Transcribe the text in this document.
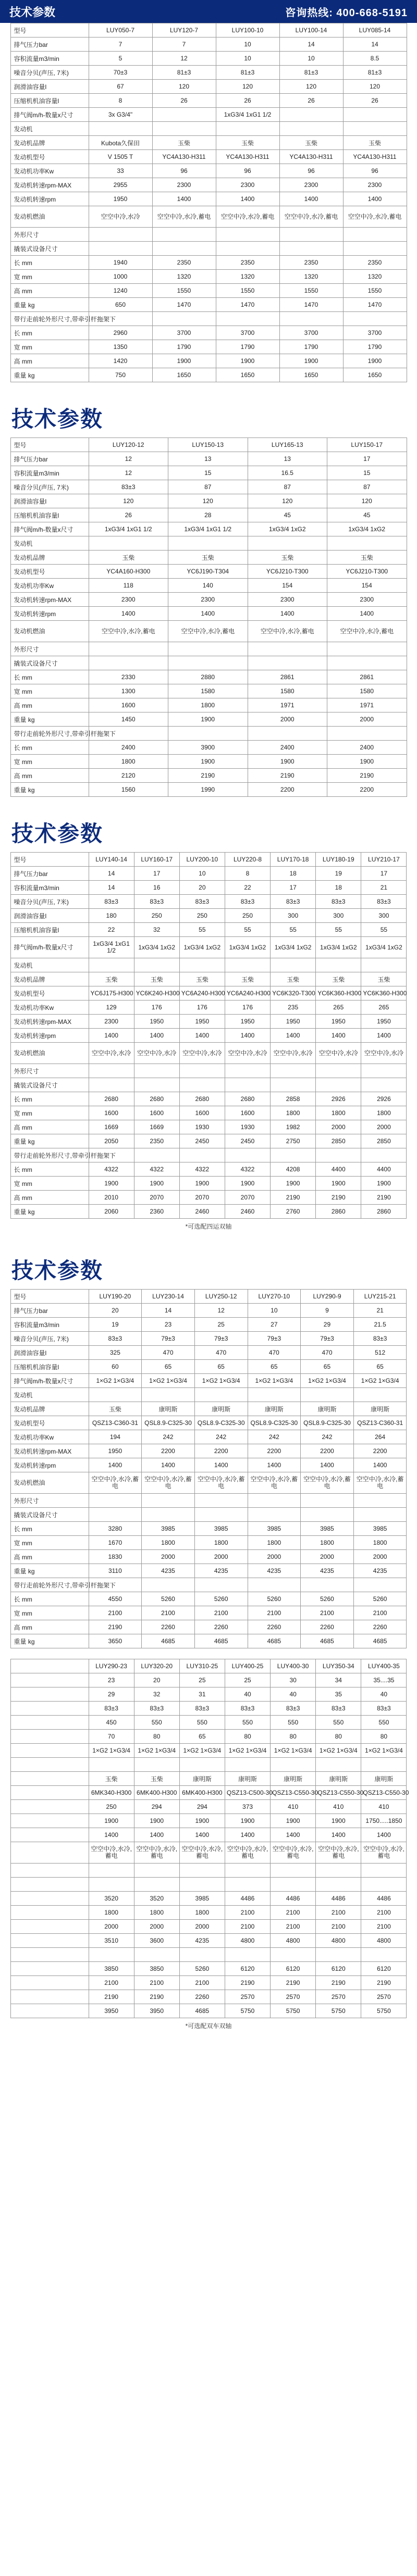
技术参数	咨询热线: 400-668-5191
型号	LUY050-7	LUY120-7	LUY100-10	LUY100-14	LUY085-14
排气压力bar	7	7	10	14	14
容积流量m3/min	5	12	10	10	8.5
噪音分贝(声压, 7米)	70±3	81±3	81±3	81±3	81±3
润滑油容量l	67	120	120	120	120
压缩机机油容量l	8	26	26	26	26
排气阀m/h-数量x尺寸	3x G3/4"		1xG3/4 1xG1 1/2		
发动机					
发动机品牌	Kubota久保田	玉柴	玉柴	玉柴	玉柴
发动机型号	V 1505 T	YC4A130-H311	YC4A130-H311	YC4A130-H311	YC4A130-H311
发动机功率Kw	33	96	96	96	96
发动机转速rpm-MAX	2955	2300	2300	2300	2300
发动机转速rpm	1950	1400	1400	1400	1400
发动机燃油	空空中冷,水冷	空空中冷,水冷,蓄电	空空中冷,水冷,蓄电	空空中冷,水冷,蓄电	空空中冷,水冷,蓄电
外形尺寸					
撬装式设备尺寸					
长 mm	1940	2350	2350	2350	2350
宽 mm	1000	1320	1320	1320	1320
高 mm	1240	1550	1550	1550	1550
重量 kg	650	1470	1470	1470	1470
带行走前轮外形尺寸,带牵引杆拖架下					
长 mm	2960	3700	3700	3700	3700
宽 mm	1350	1790	1790	1790	1790
高 mm	1420	1900	1900	1900	1900
重量 kg	750	1650	1650	1650	1650
技术参数
型号	LUY120-12	LUY150-13	LUY165-13	LUY150-17
排气压力bar	12	13	13	17
容积流量m3/min	12	15	16.5	15
噪音分贝(声压, 7米)	83±3	87	87	87
润滑油容量l	120	120	120	120
压缩机机油容量l	26	28	45	45
排气阀m/h-数量x尺寸	1xG3/4 1xG1 1/2	1xG3/4 1xG1 1/2	1xG3/4 1xG2	1xG3/4 1xG2
发动机				
发动机品牌	玉柴	玉柴	玉柴	玉柴
发动机型号	YC4A160-H300	YC6J190-T304	YC6J210-T300	YC6J210-T300
发动机功率Kw	118	140	154	154
发动机转速rpm-MAX	2300	2300	2300	2300
发动机转速rpm	1400	1400	1400	1400
发动机燃油	空空中冷,水冷,蓄电	空空中冷,水冷,蓄电	空空中冷,水冷,蓄电	空空中冷,水冷,蓄电
外形尺寸				
撬装式设备尺寸				
长 mm	2330	2880	2861	2861
宽 mm	1300	1580	1580	1580
高 mm	1600	1800	1971	1971
重量 kg	1450	1900	2000	2000
带行走前轮外形尺寸,带牵引杆拖架下				
长 mm	2400	3900	2400	2400
宽 mm	1800	1900	1900	1900
高 mm	2120	2190	2190	2190
重量 kg	1560	1990	2200	2200
技术参数
型号	LUY140-14	LUY160-17	LUY200-10	LUY220-8	LUY170-18	LUY180-19	LUY210-17
排气压力bar	14	17	10	8	18	19	17
容积流量m3/min	14	16	20	22	17	18	21
噪音分贝(声压, 7米)	83±3	83±3	83±3	83±3	83±3	83±3	83±3
润滑油容量l	180	250	250	250	300	300	300
压缩机机油容量l	22	32	55	55	55	55	55
排气阀m/h-数量x尺寸	1xG3/4 1xG1 1/2	1xG3/4 1xG2	1xG3/4 1xG2	1xG3/4 1xG2	1xG3/4 1xG2	1xG3/4 1xG2	1xG3/4 1xG2
发动机							
发动机品牌	玉柴	玉柴	玉柴	玉柴	玉柴	玉柴	玉柴
发动机型号	YC6J175-H300	YC6K240-H300	YC6A240-H300	YC6A240-H300	YC6K320-T300	YC6K360-H300	YC6K360-H300
发动机功率Kw	129	176	176	176	235	265	265
发动机转速rpm-MAX	2300	1950	1950	1950	1950	1950	1950
发动机转速rpm	1400	1400	1400	1400	1400	1400	1400
发动机燃油	空空中冷,水冷	空空中冷,水冷	空空中冷,水冷	空空中冷,水冷	空空中冷,水冷	空空中冷,水冷	空空中冷,水冷
外形尺寸							
撬装式设备尺寸							
长 mm	2680	2680	2680	2680	2858	2926	2926
宽 mm	1600	1600	1600	1600	1800	1800	1800
高 mm	1669	1669	1930	1930	1982	2000	2000
重量 kg	2050	2350	2450	2450	2750	2850	2850
带行走前轮外形尺寸,带牵引杆拖架下							
长 mm	4322	4322	4322	4322	4208	4400	4400
宽 mm	1900	1900	1900	1900	1900	1900	1900
高 mm	2010	2070	2070	2070	2190	2190	2190
重量 kg	2060	2360	2460	2460	2760	2860	2860
*可选配四运双轴
技术参数
型号	LUY190-20	LUY230-14	LUY250-12	LUY270-10	LUY290-9	LUY215-21
排气压力bar	20	14	12	10	9	21
容积流量m3/min	19	23	25	27	29	21.5
噪音分贝(声压, 7米)	83±3	79±3	79±3	79±3	79±3	83±3
润滑油容量l	325	470	470	470	470	512
压缩机机油容量l	60	65	65	65	65	65
排气阀m/h-数量x尺寸	1×G2 1×G3/4	1×G2 1×G3/4	1×G2 1×G3/4	1×G2 1×G3/4	1×G2 1×G3/4	1×G2 1×G3/4
发动机						
发动机品牌	玉柴	康明斯	康明斯	康明斯	康明斯	康明斯
发动机型号	QSZ13-C360-31	QSL8.9-C325-30	QSL8.9-C325-30	QSL8.9-C325-30	QSL8.9-C325-30	QSZ13-C360-31
发动机功率Kw	194	242	242	242	242	264
发动机转速rpm-MAX	1950	2200	2200	2200	2200	2200
发动机转速rpm	1400	1400	1400	1400	1400	1400
发动机燃油	空空中冷,水冷,蓄电	空空中冷,水冷,蓄电	空空中冷,水冷,蓄电	空空中冷,水冷,蓄电	空空中冷,水冷,蓄电	空空中冷,水冷,蓄电
外形尺寸						
撬装式设备尺寸						
长 mm	3280	3985	3985	3985	3985	3985
宽 mm	1670	1800	1800	1800	1800	1800
高 mm	1830	2000	2000	2000	2000	2000
重量 kg	3110	4235	4235	4235	4235	4235
带行走前轮外形尺寸,带牵引杆拖架下						
长 mm	4550	5260	5260	5260	5260	5260
宽 mm	2100	2100	2100	2100	2100	2100
高 mm	2190	2260	2260	2260	2260	2260
重量 kg	3650	4685	4685	4685	4685	4685
	LUY290-23	LUY320-20	LUY310-25	LUY400-25	LUY400-30	LUY350-34	LUY400-35
	23	20	25	25	30	34	35....35
	29	32	31	40	40	35	40
	83±3	83±3	83±3	83±3	83±3	83±3	83±3
	450	550	550	550	550	550	550
	70	80	65	80	80	80	80
	1×G2 1×G3/4	1×G2 1×G3/4	1×G2 1×G3/4	1×G2 1×G3/4	1×G2 1×G3/4	1×G2 1×G3/4	1×G2 1×G3/4

	玉柴	玉柴	康明斯	康明斯	康明斯	康明斯	康明斯
	6MK340-H300	6MK400-H300	6MK400-H300	QSZ13-C500-30	QSZ13-C550-30	QSZ13-C550-30	QSZ13-C550-30
	250	294	294	373	410	410	410
	1900	1900	1900	1900	1900	1900	1750.....1850
	1400	1400	1400	1400	1400	1400	1400
	空空中冷,水冷,蓄电	空空中冷,水冷,蓄电	空空中冷,水冷,蓄电	空空中冷,水冷,蓄电	空空中冷,水冷,蓄电	空空中冷,水冷,蓄电	空空中冷,水冷,蓄电

	3520	3520	3985	4486	4486	4486	4486
	1800	1800	1800	2100	2100	2100	2100
	2000	2000	2000	2100	2100	2100	2100
	3510	3600	4235	4800	4800	4800	4800

	3850	3850	5260	6120	6120	6120	6120
	2100	2100	2100	2190	2190	2190	2190
	2190	2190	2260	2570	2570	2570	2570
	3950	3950	4685	5750	5750	5750	5750
*可选配双车双轴
